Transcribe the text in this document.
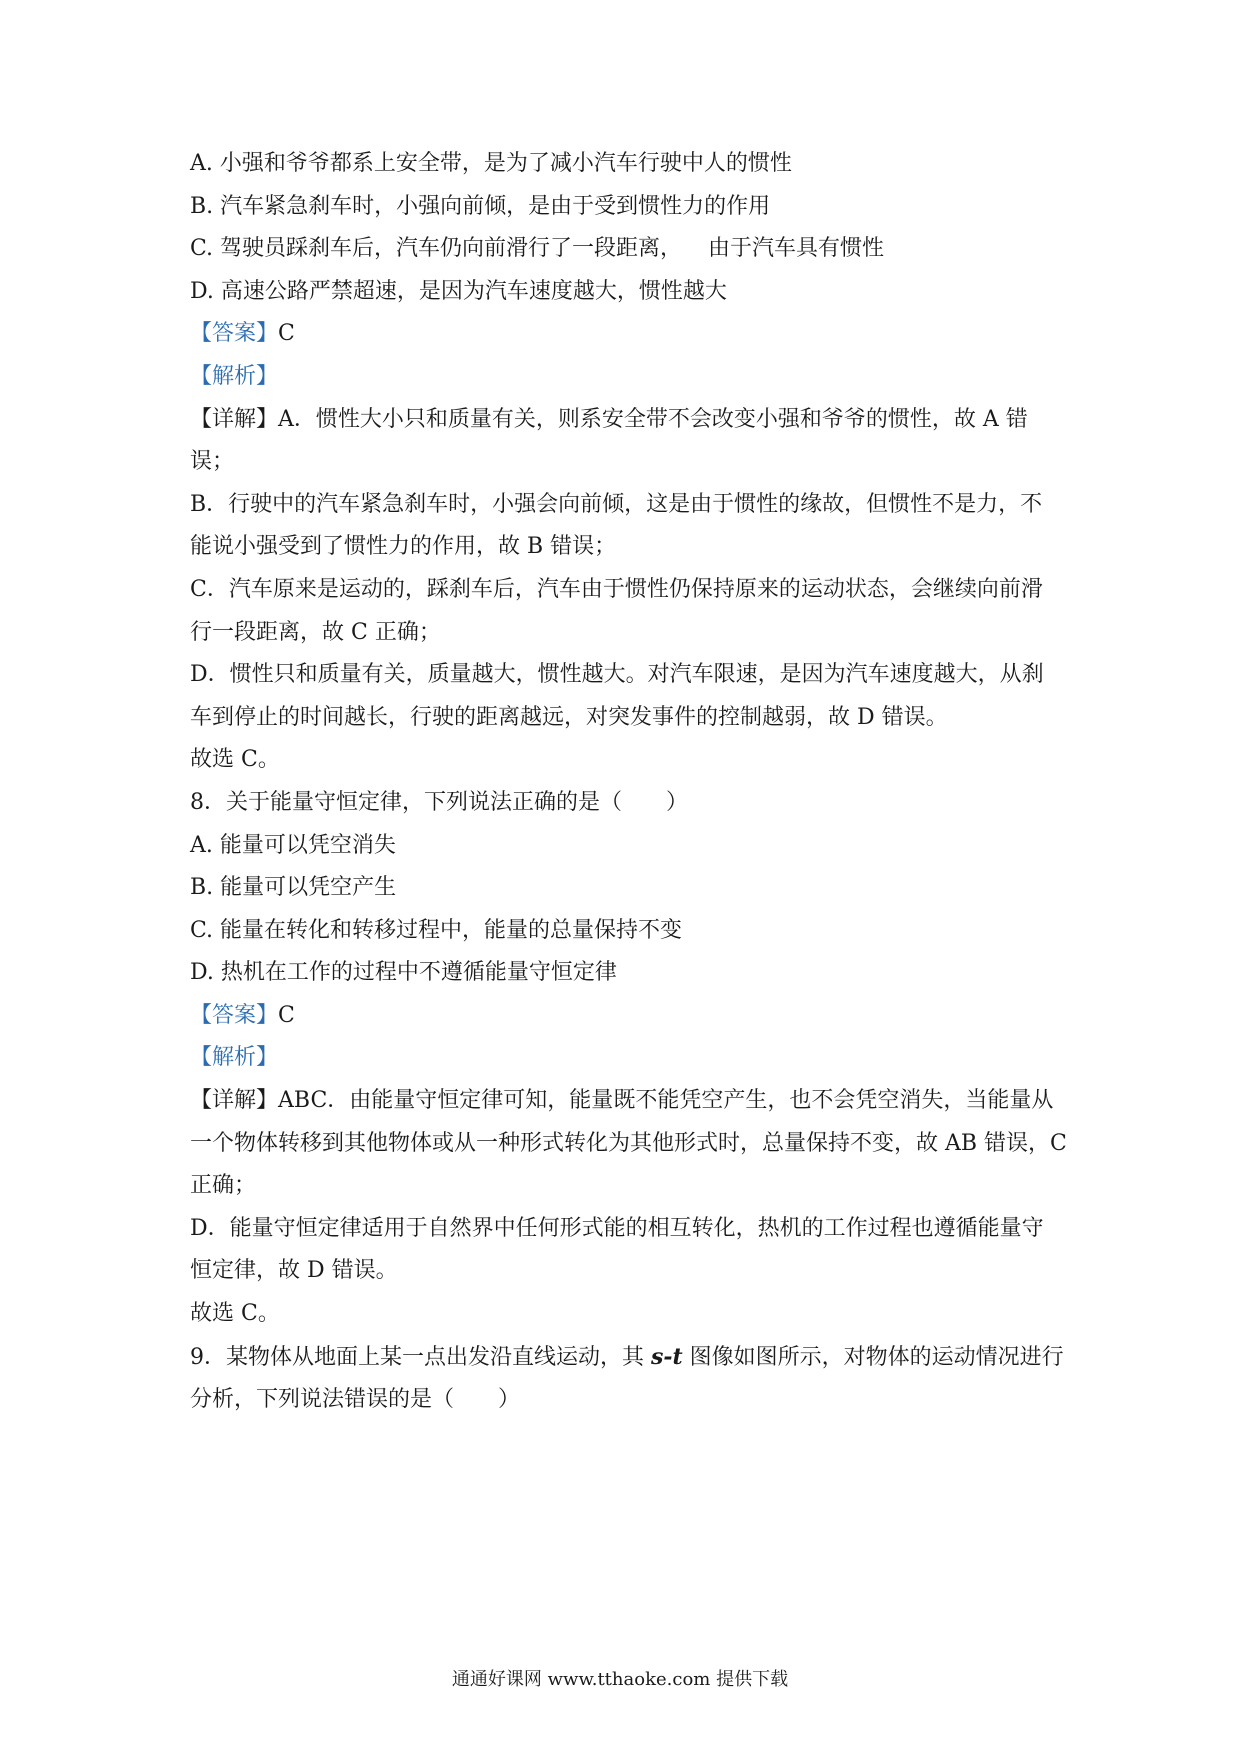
A. 小强和爷爷都系上安全带，是为了减小汽车行驶中人的惯性
B. 汽车紧急刹车时，小强向前倾，是由于受到惯性力的作用
C. 驾驶员踩刹车后，汽车仍向前滑行了一段距离， 由于汽车具有惯性
D. 高速公路严禁超速，是因为汽车速度越大，惯性越大
【答案】C
【解析】
【详解】A．惯性大小只和质量有关，则系安全带不会改变小强和爷爷的惯性，故 A 错
误；
B．行驶中的汽车紧急刹车时，小强会向前倾，这是由于惯性的缘故，但惯性不是力，不
能说小强受到了惯性力的作用，故 B 错误；
C．汽车原来是运动的，踩刹车后，汽车由于惯性仍保持原来的运动状态，会继续向前滑
行一段距离，故 C 正确；
D．惯性只和质量有关，质量越大，惯性越大。对汽车限速，是因为汽车速度越大，从刹
车到停止的时间越长，行驶的距离越远，对突发事件的控制越弱，故 D 错误。
故选 C。
8．关于能量守恒定律，下列说法正确的是（　　）
A. 能量可以凭空消失
B. 能量可以凭空产生
C. 能量在转化和转移过程中，能量的总量保持不变
D. 热机在工作的过程中不遵循能量守恒定律
【答案】C
【解析】
【详解】ABC．由能量守恒定律可知，能量既不能凭空产生，也不会凭空消失，当能量从
一个物体转移到其他物体或从一种形式转化为其他形式时，总量保持不变，故 AB 错误，C
正确；
D．能量守恒定律适用于自然界中任何形式能的相互转化，热机的工作过程也遵循能量守
恒定律，故 D 错误。
故选 C。
9．某物体从地面上某一点出发沿直线运动，其 s-t 图像如图所示，对物体的运动情况进行
分析，下列说法错误的是（　　）
通通好课网 www.tthaoke.com 提供下载
